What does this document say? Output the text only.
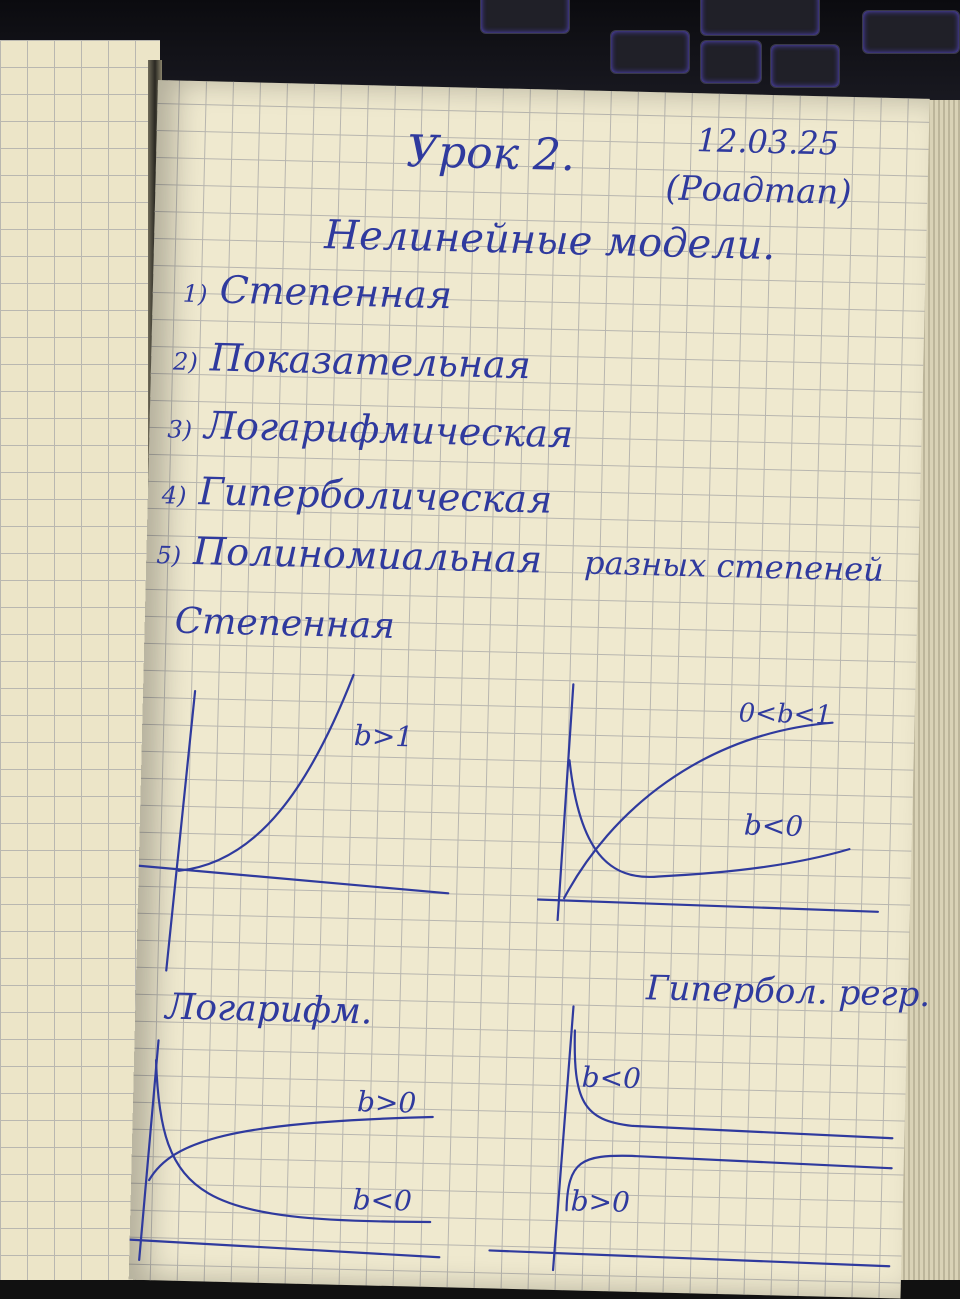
Урок 2.	12.03.25
(Роадтап)
Нелинейные модели.
1) Степенная
2) Показательная
3) Логарифмическая
4) Гиперболическая
5) Полиномиальная разных степеней
Степенная
b>1
0<b<1
b<0
Логарифм.	Гипербол. регр.
b>0
b<0
b<0
b>0
